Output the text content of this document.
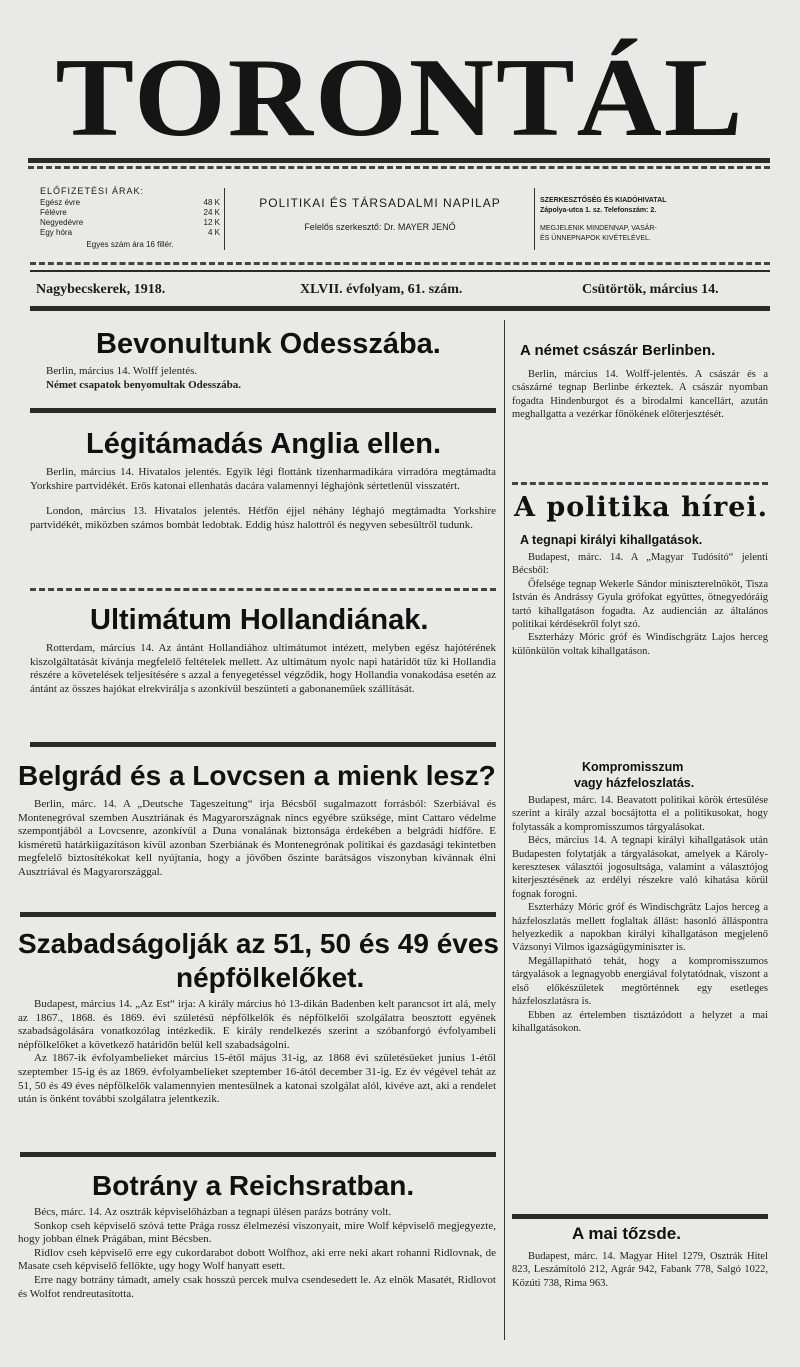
TORONTÁL
ELŐFIZETÉSI ÁRAK:
Egész évre	48 K
Félévre	24 K
Negyedévre	12 K
Egy hóra	4 K
Egyes szám ára 16 fillér.
POLITIKAI ÉS TÁRSADALMI NAPILAP
Felelős szerkesztő: Dr. MAYER JENŐ
SZERKESZTŐSÉG ÉS KIADÓHIVATAL
Zápolya-utca 1. sz. Telefonszám: 2.
MEGJELENIK MINDENNAP, VASÁR-
ÉS ÜNNEPNAPOK KIVÉTELÉVEL.
Nagybecskerek, 1918.	XLVII. évfolyam, 61. szám.	Csütörtök, március 14.
Bevonultunk Odesszába.

Berlin, március 14. Wolff jelentés.

Német csapatok benyomultak Odesszába.

Légitámadás Anglia ellen.

Berlin, március 14. Hivatalos jelentés. Egyik légi flottánk tizenharmadikára virradóra megtámadta Yorkshire partvidékét. Erős katonai ellenhatás dacára valamennyi léghajónk sértetlenül visszatért.

London, március 13. Hivatalos jelentés. Hétfőn éjjel néhány léghajó megtámadta Yorkshire partvidékét, miközben számos bombát ledobtak. Eddig húsz halottról és negyven sebesültről tudunk.

Ultimátum Hollandiának.

Rotterdam, március 14. Az ántánt Hollandiához ultimátumot intézett, melyben egész hajótérének kiszolgáltatását kívánja megfelelő feltételek mellett. Az ultimátum nyolc napi határidőt tűz ki Hollandia részére a követelések teljesítésére s azzal a fenyegetéssel végződik, hogy Hollandia vonakodása esetén az ántánt az összes hajókat elrekvirálja s azonkívül beszünteti a gabonaneműek szállítását.

Belgrád és a Lovcsen a mienk lesz?

Berlin, márc. 14. A „Deutsche Tageszeitung“ irja Bécsből sugalmazott forrásból: Szerbiával és Montenegróval szemben Ausztriának és Magyarországnak nincs egyébre szüksége, mint Cattaro védelme szempontjából a Lovcsenre, azonkívül a Duna vonalának biztonsága érdekében a belgrádi hídfőre. E kisméretű határkiigazításon kívül azonban Szerbiának és Montenegrónak politikai és gazdasági tekintetben megfelelő biztosítékokat kell nyújtania, hogy a jövőben őszinte barátságos viszonyban kívánnak élni Ausztriával és Magyarországgal.

Szabadságolják az 51, 50 és 49 éves
népfölkelőket.

Budapest, március 14. „Az Est“ irja: A király március hó 13-dikán Badenben kelt parancsot írt alá, mely az 1867., 1868. és 1869. évi születésű népfölkelők és népfölkelői szolgálatra beosztott egyének szabadságolására vonatkozólag intézkedik. E király rendelkezés szerint a szóbanforgó évfolyambeli népfölkelőket a következő határidőn belül kell szabadságolni.

Az 1867-ik évfolyambelieket március 15-étől május 31-ig, az 1868 évi születésűeket junius 1-étől szeptember 15-ig és az 1869. évfolyambelieket szeptember 16-ától december 31-ig. Ez év végével tehát az 51, 50 és 49 éves népfölkelők valamennyien mentesülnek a katonai szolgálat alól, kivéve azt, aki a rendelet után is önként további szolgálatra jelentkezik.

Botrány a Reichsratban.

Bécs, márc. 14. Az osztrák képviselőházban a tegnapi ülésen parázs botrány volt.

Sonkop cseh képviselő szóvá tette Prága rossz élelmezési viszonyait, mire Wolf képviselő megjegyezte, hogy jobban élnek Prágában, mint Bécsben.

Ridlov cseh képviselő erre egy cukordarabot dobott Wolfhoz, aki erre neki akart rohanni Ridlovnak, de Masate cseh képviselő fellökte, ugy hogy Wolf hanyatt esett.

Erre nagy botrány támadt, amely csak hosszú percek mulva csendesedett le. Az elnök Masatét, Ridlovot és Wolfot rendreutasította.

A német császár Berlinben.

Berlin, március 14. Wolff-jelentés. A császár és a császárné tegnap Berlinbe érkeztek. A császár nyomban fogadta Hindenburgot és a birodalmi kancellárt, azután meghallgatta a vezérkar főnökének előterjesztését.

A politika hírei.
A tegnapi királyi kihallgatások.

Budapest, márc. 14. A „Magyar Tudósító“ jelenti Bécsből:

Őfelsége tegnap Wekerle Sándor miniszterelnököt, Tisza István és Andrássy Gyula grófokat együttes, ötnegyedóráig tartó kihallgatáson fogadta. Az audiencián az általános politikai kérdésekről folyt szó.

Eszterházy Móric gróf és Windischgrätz Lajos herceg különkülön voltak kihallgatáson.

Kompromisszum
vagy házfeloszlatás.

Budapest, márc. 14. Beavatott politikai körök értesülése szerint a király azzal bocsájtotta el a politikusokat, hogy folytassák a kompromisszumos tárgyalásokat.

Bécs, március 14. A tegnapi királyi kihallgatások után Budapesten folytatják a tárgyalásokat, amelyek a Károly-kereszteseк választói jogosultsága, valamint a választójog kiterjesztésének az erdélyi részekre való kihatása körül fognak forogni.

Eszterházy Móric gróf és Windischgrätz Lajos herceg a házfeloszlatás mellett foglaltak állást: hasonló álláspontra helyezkedik a napokban királyi kihallgatáson megjelenő Vázsonyi Vilmos igazságügyminiszter is.

Megállapítható tehát, hogy a kompromisszumos tárgyalások a legnagyobb energiával folytatódnak, viszont a első előkészületek megtörténnek egy esetleges házfeloszlatásra is.

Ebben az értelemben tisztázódott a helyzet a mai kihallgatásokon.

A mai tőzsde.

Budapest, márc. 14. Magyar Hitel 1279, Osztrák Hitel 823, Leszámítoló 212, Agrár 942, Fabank 778, Salgó 1022, Közúti 738, Rima 963.
